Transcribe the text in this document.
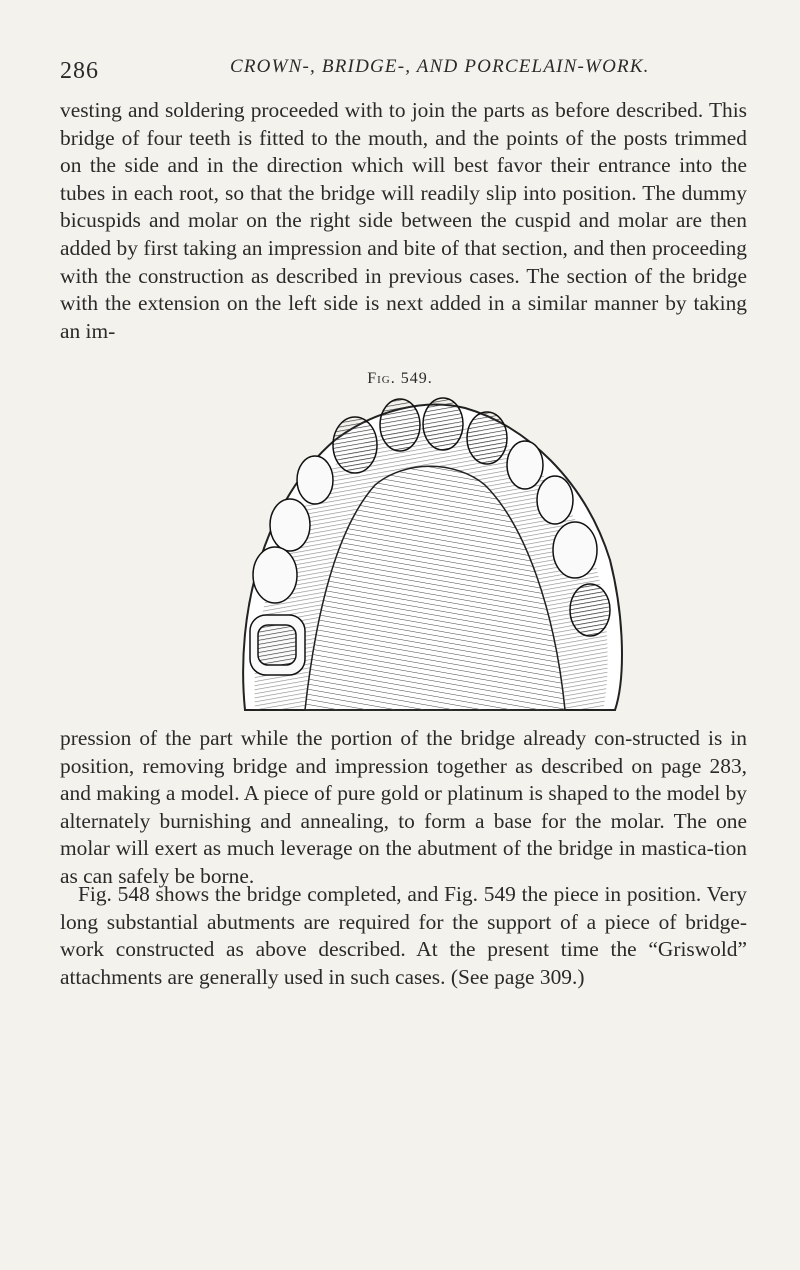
286	CROWN-, BRIDGE-, AND PORCELAIN-WORK.

vesting and soldering proceeded with to join the parts as before described. This bridge of four teeth is fitted to the mouth, and the points of the posts trimmed on the side and in the direction which will best favor their entrance into the tubes in each root, so that the bridge will readily slip into position. The dummy bicuspids and molar on the right side between the cuspid and molar are then added by first taking an impression and bite of that section, and then proceeding with the construction as described in previous cases. The section of the bridge with the extension on the left side is next added in a similar manner by taking an im-

Fig. 549.

pression of the part while the portion of the bridge already con-structed is in position, removing bridge and impression together as described on page 283, and making a model. A piece of pure gold or platinum is shaped to the model by alternately burnishing and annealing, to form a base for the molar. The one molar will exert as much leverage on the abutment of the bridge in mastica-tion as can safely be borne.

Fig. 548 shows the bridge completed, and Fig. 549 the piece in position. Very long substantial abutments are required for the support of a piece of bridge-work constructed as above described. At the present time the “Griswold” attachments are generally used in such cases. (See page 309.)
